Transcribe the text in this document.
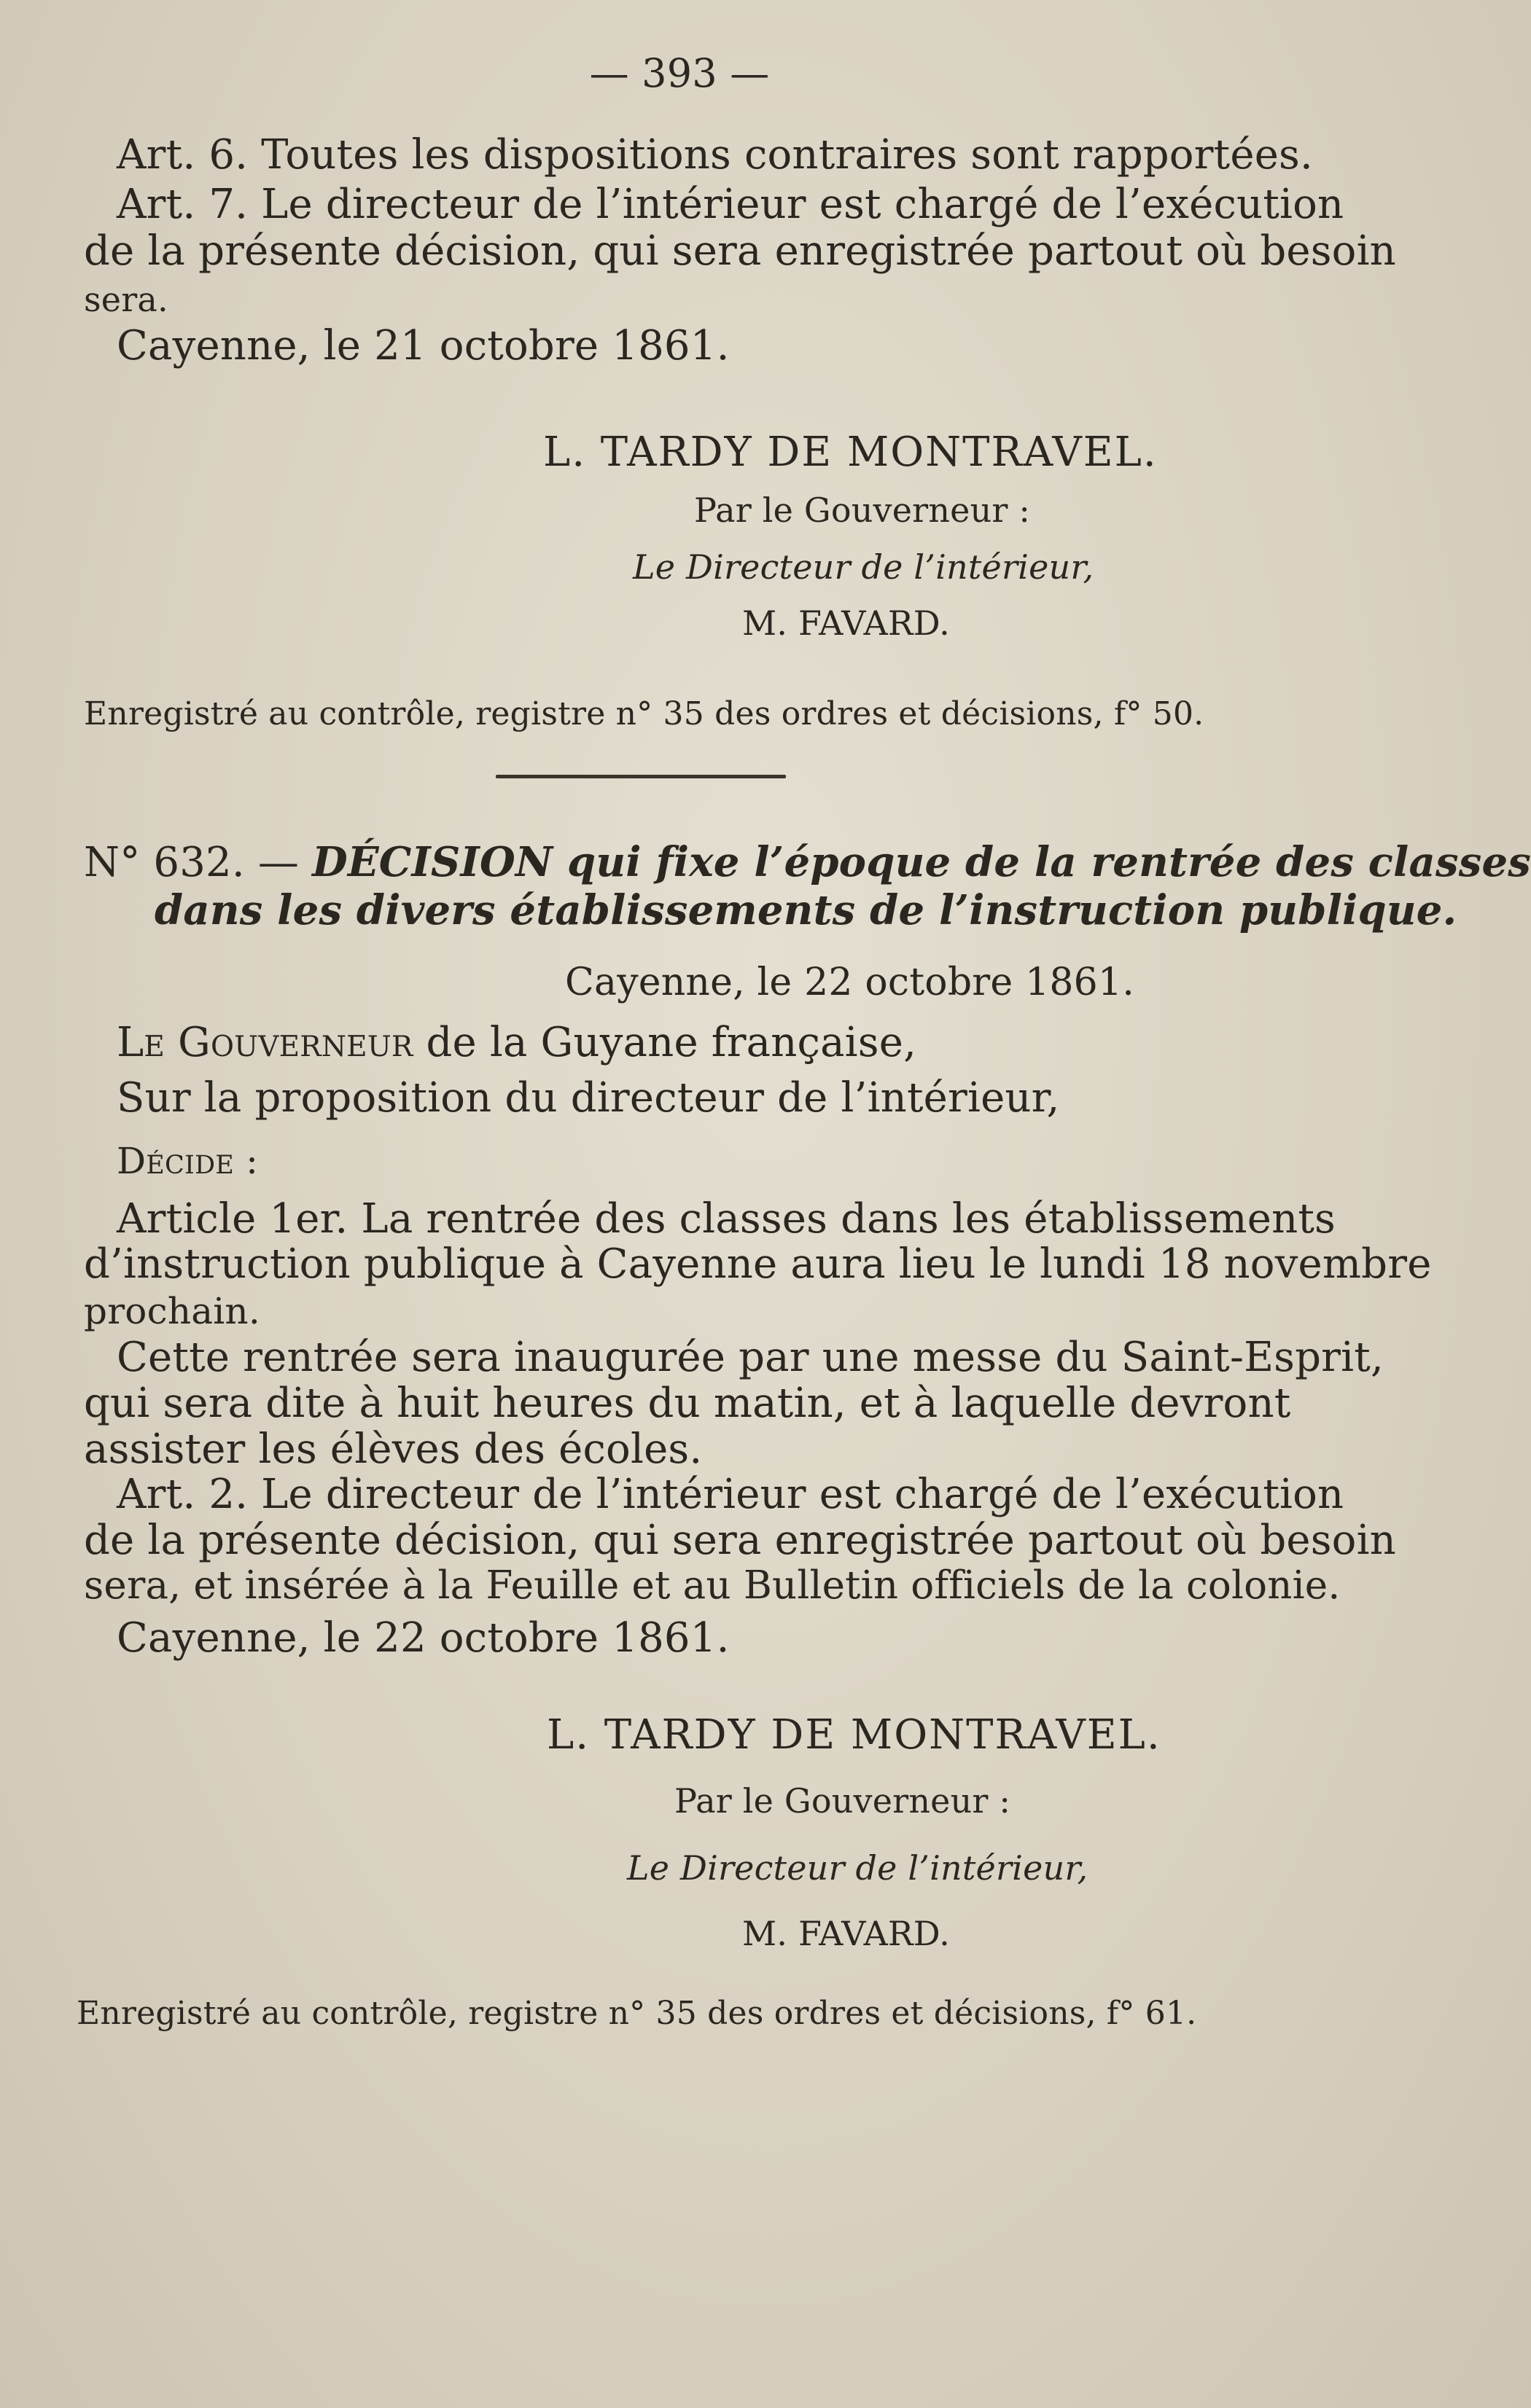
— 393 —
Art. 6. Toutes les dispositions contraires sont rapportées.
Art. 7. Le directeur de l’intérieur est chargé de l’exécution
de la présente décision, qui sera enregistrée partout où besoin
sera.
Cayenne, le 21 octobre 1861.
L. TARDY DE MONTRAVEL.
Par le Gouverneur :
Le Directeur de l’intérieur,
M. FAVARD.
Enregistré au contrôle, registre n° 35 des ordres et décisions, f° 50.
N° 632. — DÉCISION qui fixe l’époque de la rentrée des classes
dans les divers établissements de l’instruction publique.
Cayenne, le 22 octobre 1861.
Le Gouverneur de la Guyane française,
Sur la proposition du directeur de l’intérieur,
Décide :
Article 1er. La rentrée des classes dans les établissements
d’instruction publique à Cayenne aura lieu le lundi 18 novembre
prochain.
Cette rentrée sera inaugurée par une messe du Saint-Esprit,
qui sera dite à huit heures du matin, et à laquelle devront
assister les élèves des écoles.
Art. 2. Le directeur de l’intérieur est chargé de l’exécution
de la présente décision, qui sera enregistrée partout où besoin
sera, et insérée à la Feuille et au Bulletin officiels de la colonie.
Cayenne, le 22 octobre 1861.
L. TARDY DE MONTRAVEL.
Par le Gouverneur :
Le Directeur de l’intérieur,
M. FAVARD.
Enregistré au contrôle, registre n° 35 des ordres et décisions, f° 61.
